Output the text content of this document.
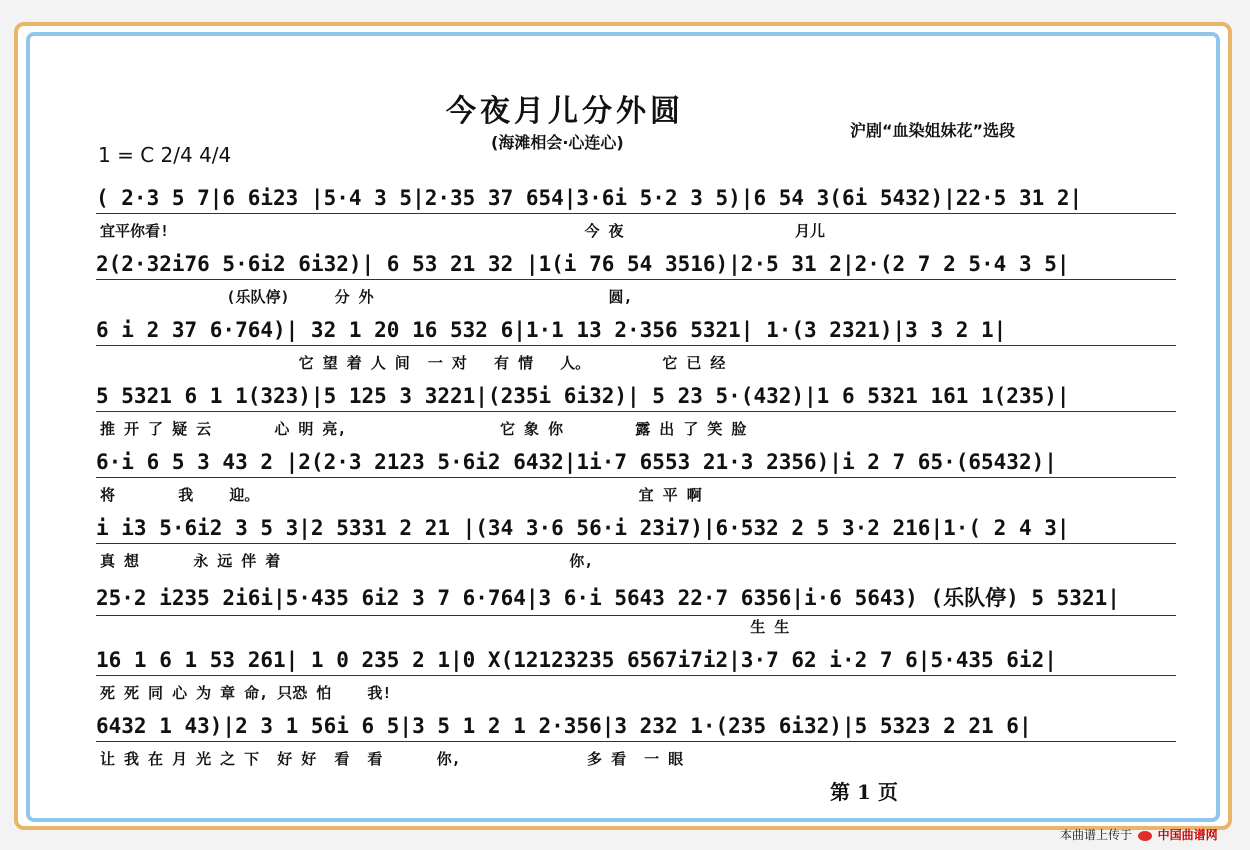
今夜月儿分外圆
(海滩相会·心连心)
沪剧“血染姐妹花”选段
1 = C 2/4 4/4
( 2·3 5 7|6 6i23 |5·4 3 5|2·35 37 654|3·6i 5·2 3 5)|6 54 3(6i 5432)|22·5 31 2|
宜平你看!                                              今 夜                   月儿
2(2·32i76 5·6i2 6i32)| 6 53 21 32 |1(i 76 54 3516)|2·5 31 2|2·(2 7 2 5·4 3 5|
(乐队停)     分 外                          圆,
6 i 2 37 6·764)| 32 1 20 16 532 6|1·1 13 2·356 5321| 1·(3 2321)|3 3 2 1|
它 望 着 人 间  一 对   有 情   人。        它 已 经
5 5321 6 1 1(323)|5 125 3 3221|(235i 6i32)| 5 23 5·(432)|1 6 5321 161 1(235)|
推 开 了 疑 云       心 明 亮,                 它 象 你        露 出 了 笑 脸
6·i 6 5 3 43 2 |2(2·3 2123 5·6i2 6432|1i·7 6553 21·3 2356)|i 2 7 65·(65432)|
将       我    迎。                                          宜 平 啊
i i3 5·6i2 3 5 3|2 5331 2 21 |(34 3·6 56·i 23i7)|6·532 2 5 3·2 216|1·( 2 4 3|
真 想      永 远 伴 着                                你,
25·2 i235 2i6i|5·435 6i2 3 7 6·764|3 6·i 5643 22·7 6356|i·6 5643) (乐队停) 5 5321|
生 生
16 1 6 1 53 261| 1 0 235 2 1|0 X(12123235 6567i7i2|3·7 62 i·2 7 6|5·435 6i2|
死 死 同 心 为 章 命, 只恐 怕    我!
6432 1 43)|2 3 1 56i 6 5|3 5 1 2 1 2·356|3 232 1·(235 6i32)|5 5323 2 21 6|
让 我 在 月 光 之 下  好 好  看  看      你,              多 看  一 眼
第 1 页
本曲谱上传于 中国曲谱网
